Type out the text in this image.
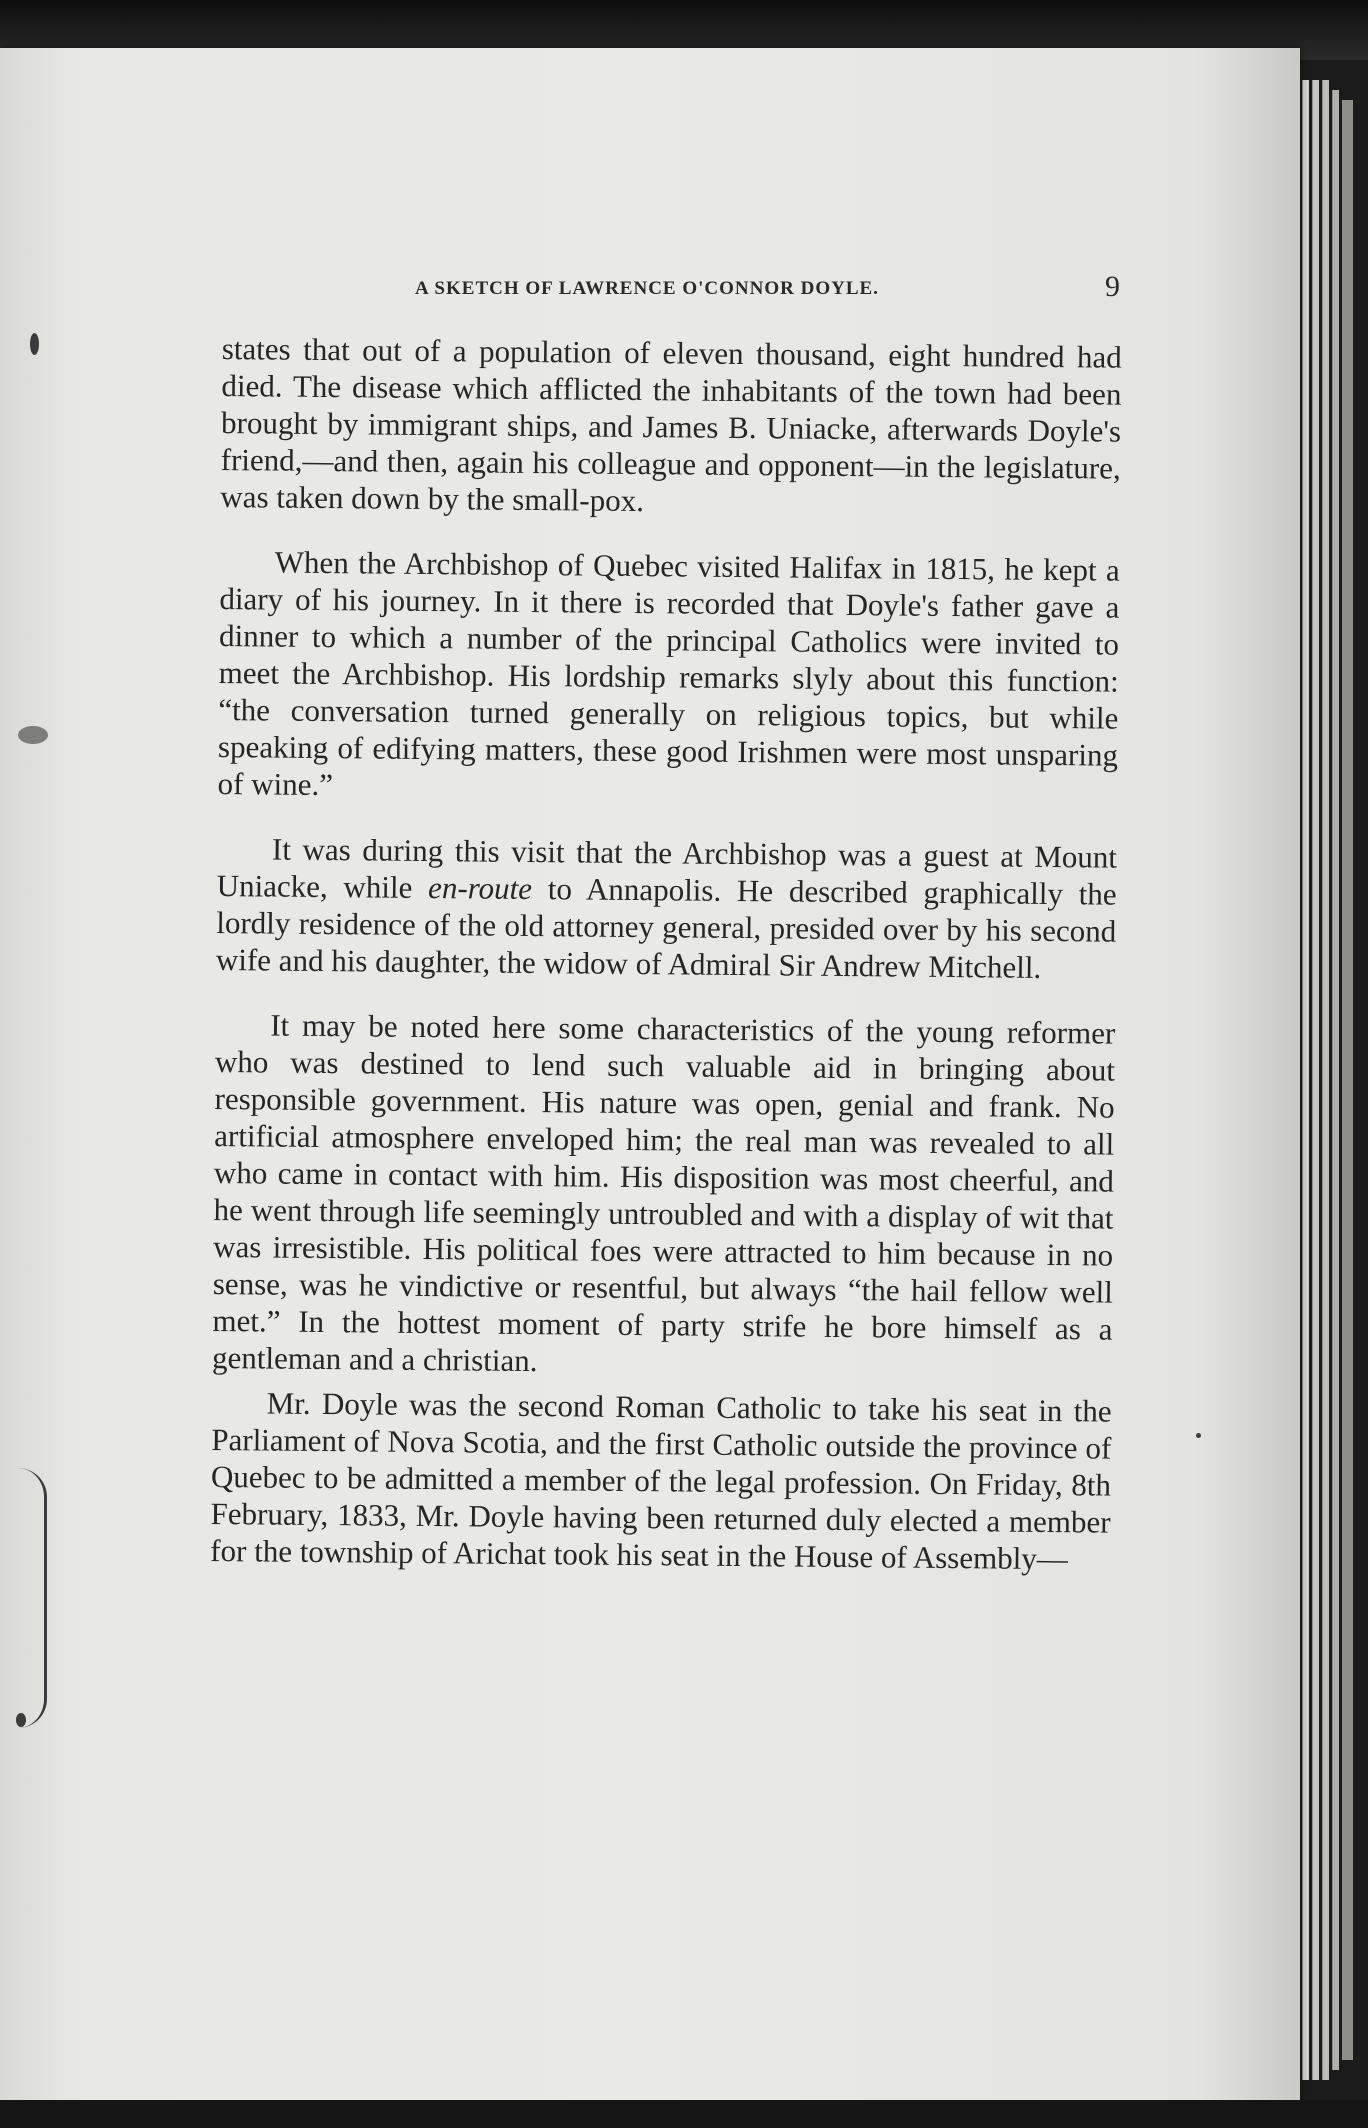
A SKETCH OF LAWRENCE O'CONNOR DOYLE.	9

states that out of a population of eleven thousand, eight hundred had died. The disease which afflicted the inhabitants of the town had been brought by immigrant ships, and James B. Uniacke, afterwards Doyle's friend,—and then, again his colleague and opponent—in the legislature, was taken down by the small-pox.

When the Archbishop of Quebec visited Halifax in 1815, he kept a diary of his journey. In it there is recorded that Doyle's father gave a dinner to which a number of the principal Catholics were invited to meet the Archbishop. His lordship remarks slyly about this function: “the conversation turned generally on religious topics, but while speaking of edifying matters, these good Irishmen were most unsparing of wine.”

It was during this visit that the Archbishop was a guest at Mount Uniacke, while en-route to Annapolis. He described graphically the lordly residence of the old attorney general, presided over by his second wife and his daughter, the widow of Admiral Sir Andrew Mitchell.

It may be noted here some characteristics of the young reformer who was destined to lend such valuable aid in bringing about responsible government. His nature was open, genial and frank. No artificial atmosphere enveloped him; the real man was revealed to all who came in contact with him. His disposition was most cheerful, and he went through life seemingly untroubled and with a display of wit that was irresistible. His political foes were attracted to him because in no sense, was he vindictive or resentful, but always “the hail fellow well met.” In the hottest moment of party strife he bore himself as a gentleman and a christian.

Mr. Doyle was the second Roman Catholic to take his seat in the Parliament of Nova Scotia, and the first Catholic outside the province of Quebec to be admitted a member of the legal profession. On Friday, 8th February, 1833, Mr. Doyle having been returned duly elected a member for the township of Arichat took his seat in the House of Assembly—
